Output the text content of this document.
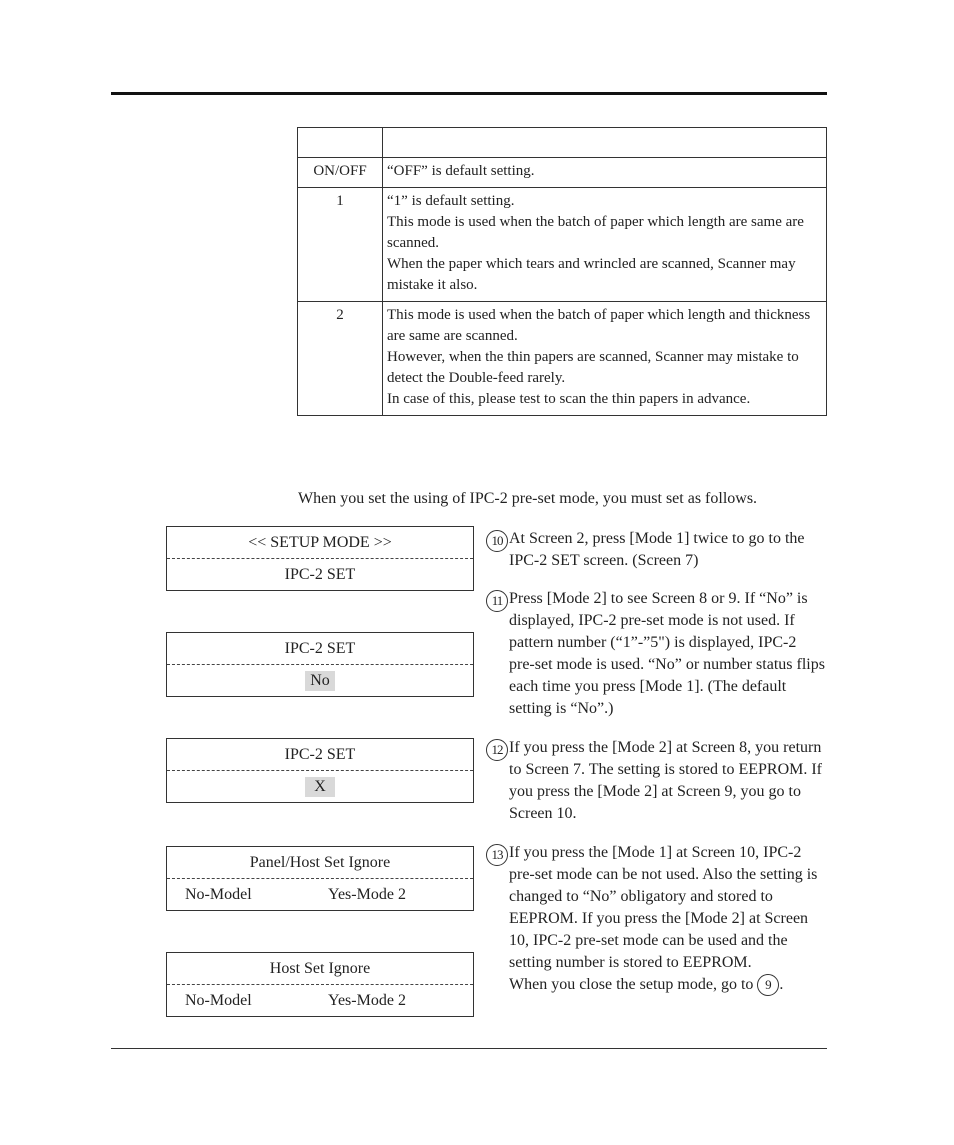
ON/OFF	“OFF” is default setting.

1	“1” is default setting.

This mode is used when the batch of paper which length are same are scanned.

When the paper which tears and wrincled are scanned, Scanner may mistake it also.

2	This mode is used when the batch of paper which length and thickness are same are scanned.

However, when the thin papers are scanned, Scanner may mistake to detect the Double-feed rarely.

In case of this, please test to scan the thin papers in advance.

When you set the using of IPC-2 pre-set mode, you must set as follows.
<< SETUP MODE >>
IPC-2 SET
IPC-2 SET
No
IPC-2 SET
X
Panel/Host Set Ignore
No-Model	Yes-Mode 2
Host Set Ignore
No-Model	Yes-Mode 2
10 At Screen 2, press [Mode 1] twice to go to the IPC-2 SET screen. (Screen 7)
11 Press [Mode 2] to see Screen 8 or 9. If “No” is displayed, IPC-2 pre-set mode is not used. If pattern number (“1”-”5") is displayed, IPC-2 pre-set mode is used. “No” or number status flips each time you press [Mode 1]. (The default setting is “No”.)
12 If you press the [Mode 2] at Screen 8, you return to Screen 7. The setting is stored to EEPROM. If you press the [Mode 2] at Screen 9, you go to Screen 10.
13 If you press the [Mode 1] at Screen 10, IPC-2 pre-set mode can be not used. Also the setting is changed to “No” obligatory and stored to EEPROM. If you press the [Mode 2] at Screen 10, IPC-2 pre-set mode can be used and the setting number is stored to EEPROM.
When you close the setup mode, go to 9 .
